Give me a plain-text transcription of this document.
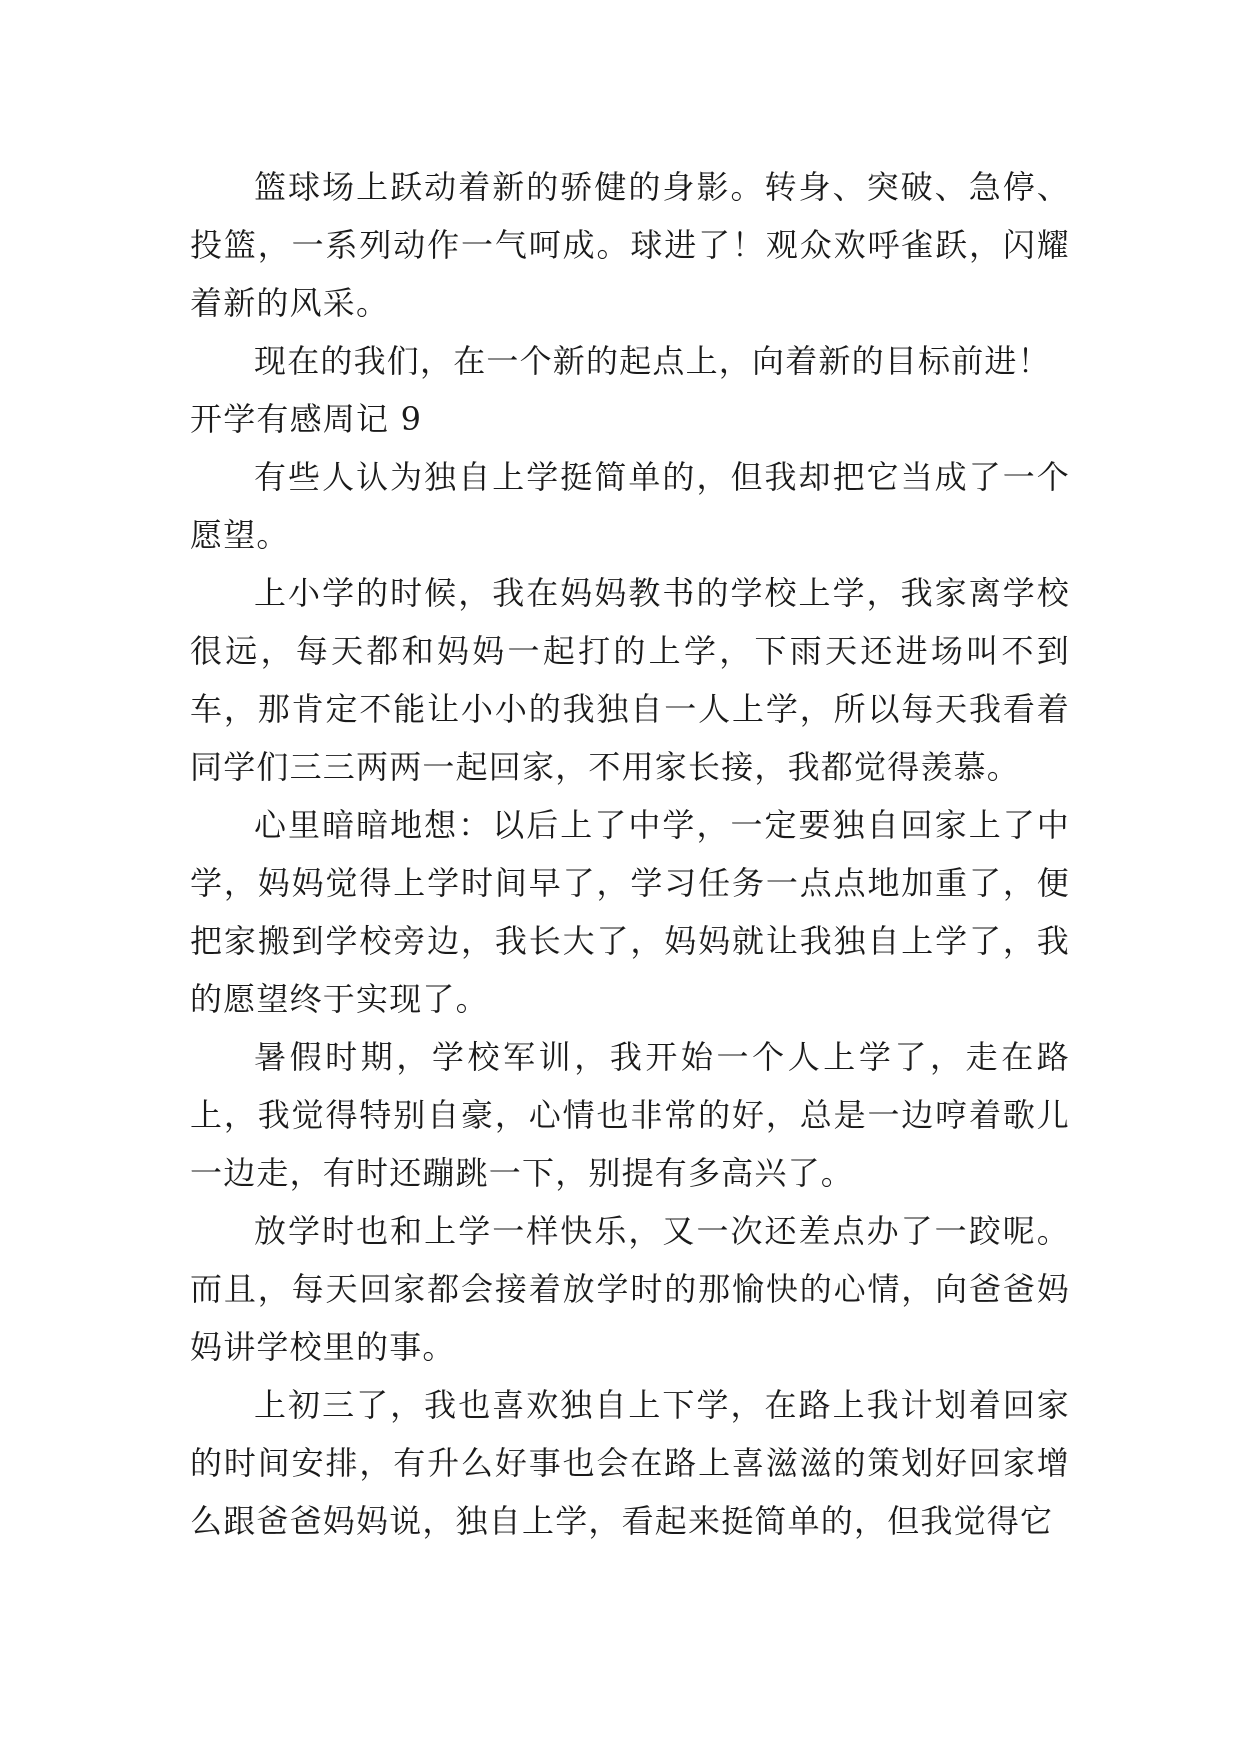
篮球场上跃动着新的骄健的身影。转身、突破、急停、投篮，一系列动作一气呵成。球进了！观众欢呼雀跃，闪耀着新的风采。

现在的我们，在一个新的起点上，向着新的目标前进！

开学有感周记 9

有些人认为独自上学挺简单的，但我却把它当成了一个愿望。

上小学的时候，我在妈妈教书的学校上学，我家离学校很远，每天都和妈妈一起打的上学，下雨天还进场叫不到车，那肯定不能让小小的我独自一人上学，所以每天我看着同学们三三两两一起回家，不用家长接，我都觉得羡慕。

心里暗暗地想：以后上了中学，一定要独自回家上了中学，妈妈觉得上学时间早了，学习任务一点点地加重了，便把家搬到学校旁边，我长大了，妈妈就让我独自上学了，我的愿望终于实现了。

暑假时期，学校军训，我开始一个人上学了，走在路上，我觉得特别自豪，心情也非常的好，总是一边哼着歌儿一边走，有时还蹦跳一下，别提有多高兴了。

放学时也和上学一样快乐，又一次还差点办了一跤呢。而且，每天回家都会接着放学时的那愉快的心情，向爸爸妈妈讲学校里的事。

上初三了，我也喜欢独自上下学，在路上我计划着回家的时间安排，有升么好事也会在路上喜滋滋的策划好回家增么跟爸爸妈妈说，独自上学，看起来挺简单的，但我觉得它
